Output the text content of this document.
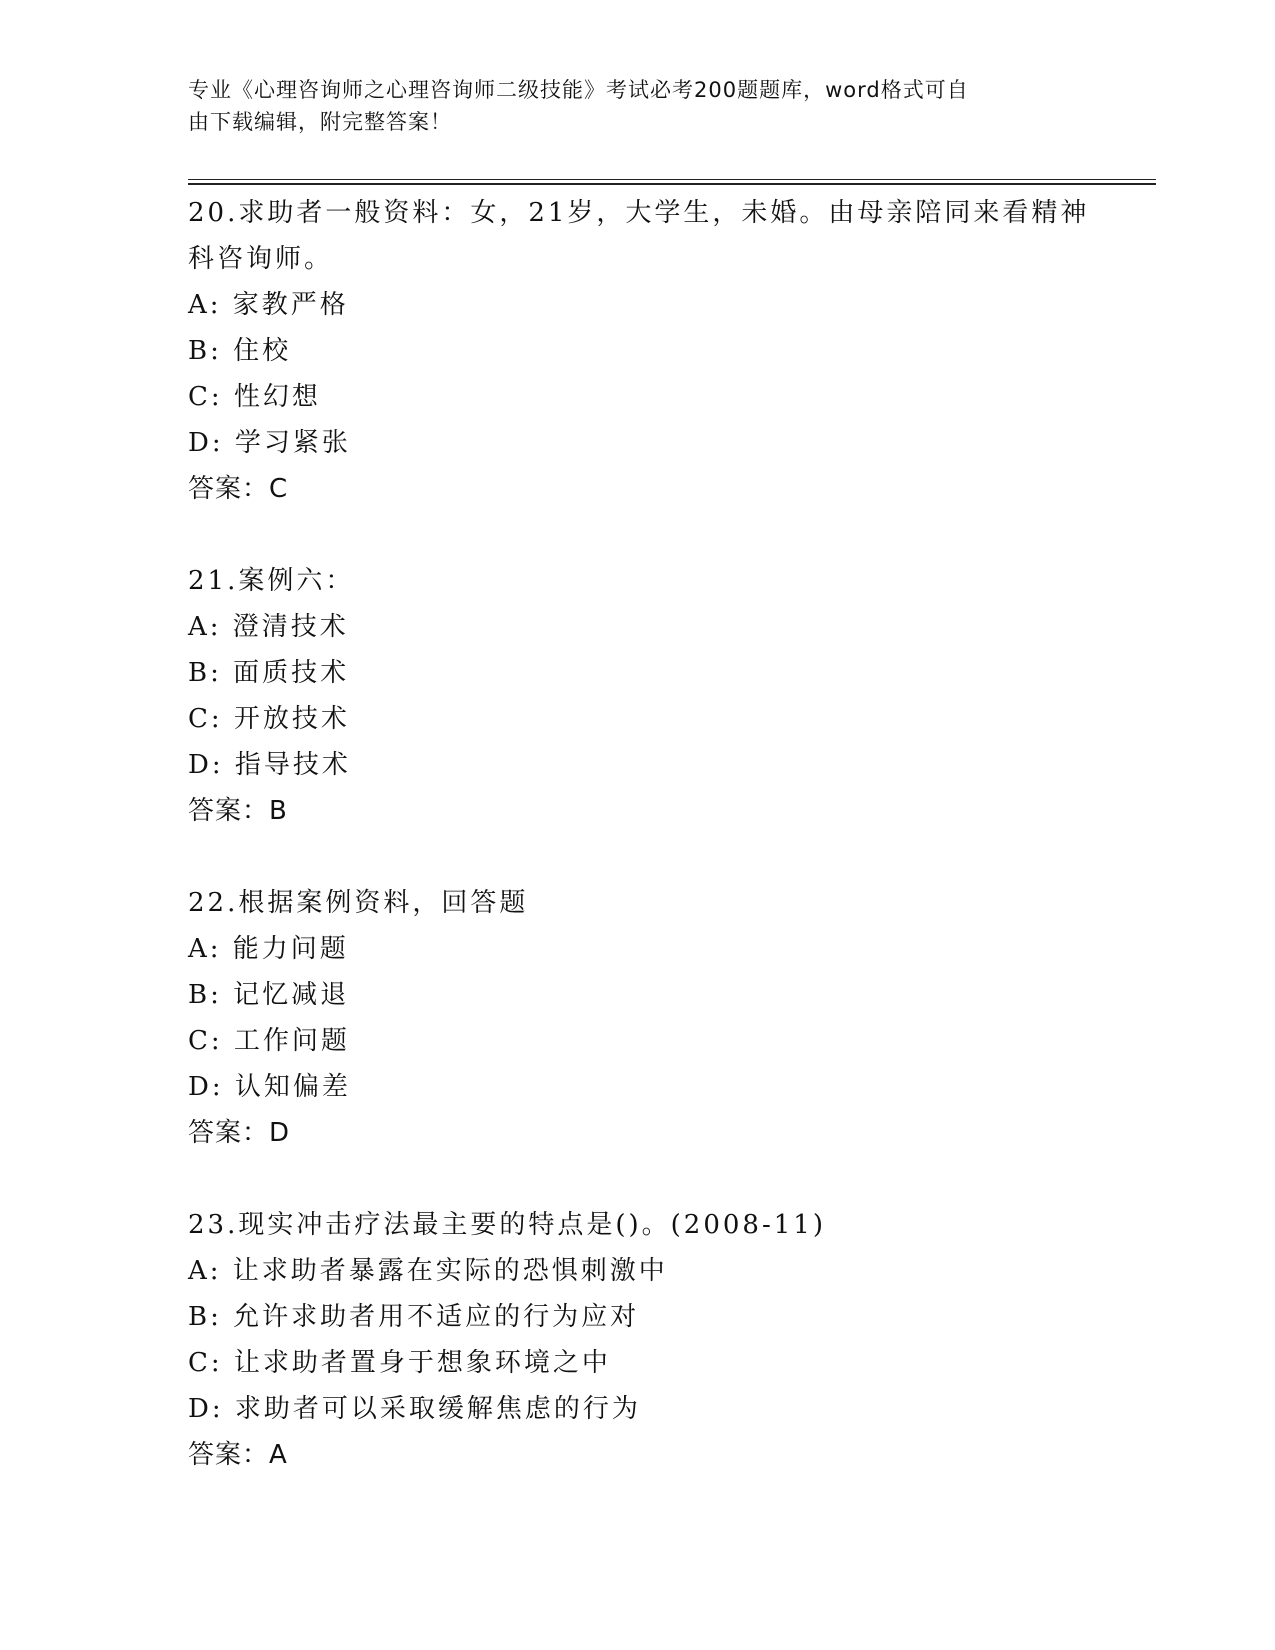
专业《心理咨询师之心理咨询师二级技能》考试必考200题题库，word格式可自
由下载编辑，附完整答案！
20.求助者一般资料：女，21岁，大学生，未婚。由母亲陪同来看精神
科咨询师。
A: 家教严格
B: 住校
C: 性幻想
D: 学习紧张
答案：C
21.案例六：
A: 澄清技术
B: 面质技术
C: 开放技术
D: 指导技术
答案：B
22.根据案例资料，回答题
A: 能力问题
B: 记忆减退
C: 工作问题
D: 认知偏差
答案：D
23.现实冲击疗法最主要的特点是()。(2008-11)
A: 让求助者暴露在实际的恐惧刺激中
B: 允许求助者用不适应的行为应对
C: 让求助者置身于想象环境之中
D: 求助者可以采取缓解焦虑的行为
答案：A
